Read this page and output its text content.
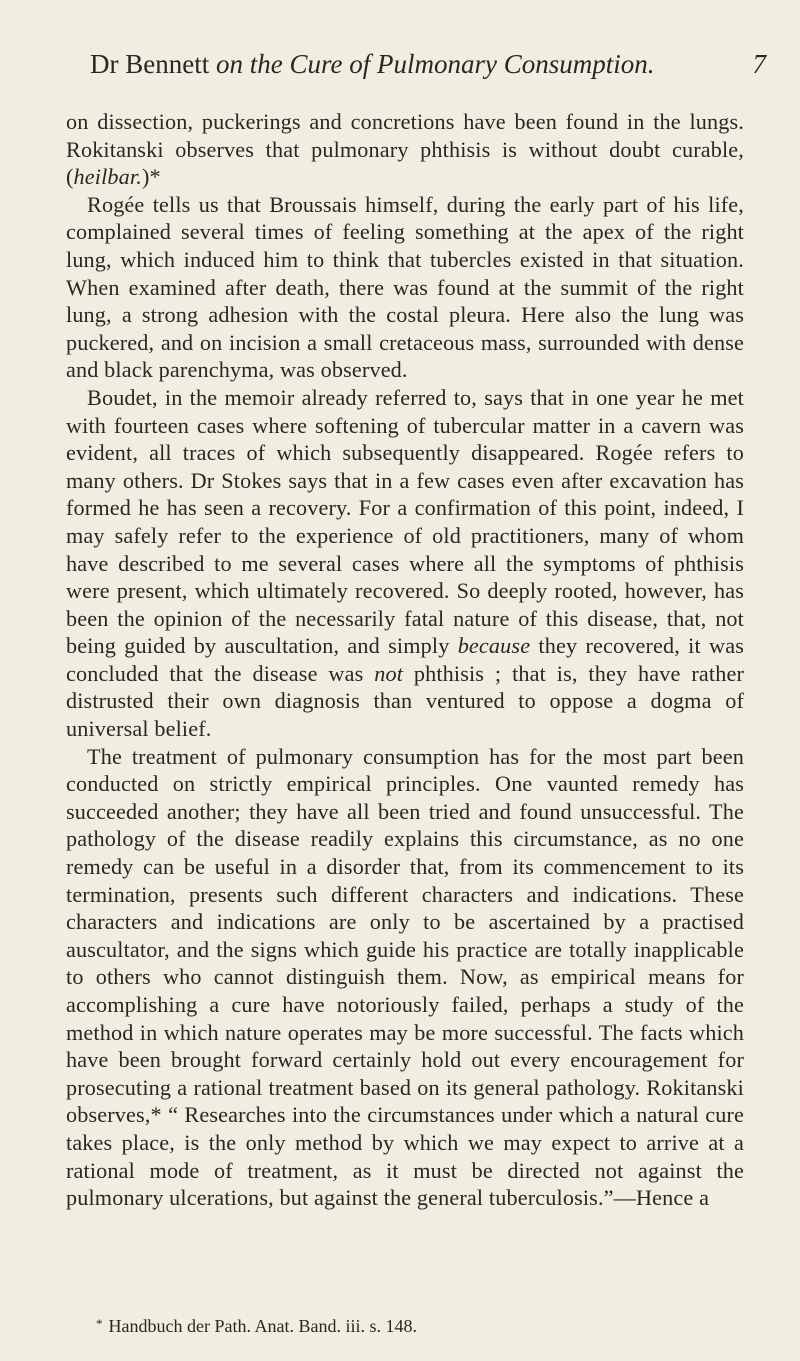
Dr Bennett on the Cure of Pulmonary Consumption.	7

on dissection, puckerings and concretions have been found in the lungs. Rokitanski observes that pulmonary phthisis is without doubt curable, (heilbar.)*

Rogée tells us that Broussais himself, during the early part of his life, complained several times of feeling something at the apex of the right lung, which induced him to think that tubercles existed in that situation. When examined after death, there was found at the summit of the right lung, a strong adhesion with the costal pleura. Here also the lung was puckered, and on incision a small cretaceous mass, surrounded with dense and black parenchyma, was observed.

Boudet, in the memoir already referred to, says that in one year he met with fourteen cases where softening of tubercular matter in a cavern was evident, all traces of which subsequently disappeared. Rogée refers to many others. Dr Stokes says that in a few cases even after excavation has formed he has seen a recovery. For a confirmation of this point, indeed, I may safely refer to the experience of old practitioners, many of whom have described to me several cases where all the symptoms of phthisis were present, which ultimately recovered. So deeply rooted, however, has been the opinion of the necessarily fatal nature of this disease, that, not being guided by auscultation, and simply because they recovered, it was concluded that the disease was not phthisis ; that is, they have rather distrusted their own diagnosis than ventured to oppose a dogma of universal belief.

The treatment of pulmonary consumption has for the most part been conducted on strictly empirical principles. One vaunted remedy has succeeded another; they have all been tried and found unsuccessful. The pathology of the disease readily explains this circumstance, as no one remedy can be useful in a disorder that, from its commencement to its termination, presents such different characters and indications. These characters and indications are only to be ascertained by a practised auscultator, and the signs which guide his practice are totally inapplicable to others who cannot distinguish them. Now, as empirical means for accomplishing a cure have notoriously failed, perhaps a study of the method in which nature operates may be more successful. The facts which have been brought forward certainly hold out every encouragement for prosecuting a rational treatment based on its general pathology. Rokitanski observes,* “ Researches into the circumstances under which a natural cure takes place, is the only method by which we may expect to arrive at a rational mode of treatment, as it must be directed not against the pulmonary ulcerations, but against the general tuberculosis.”—Hence a

* Handbuch der Path. Anat. Band. iii. s. 148.
